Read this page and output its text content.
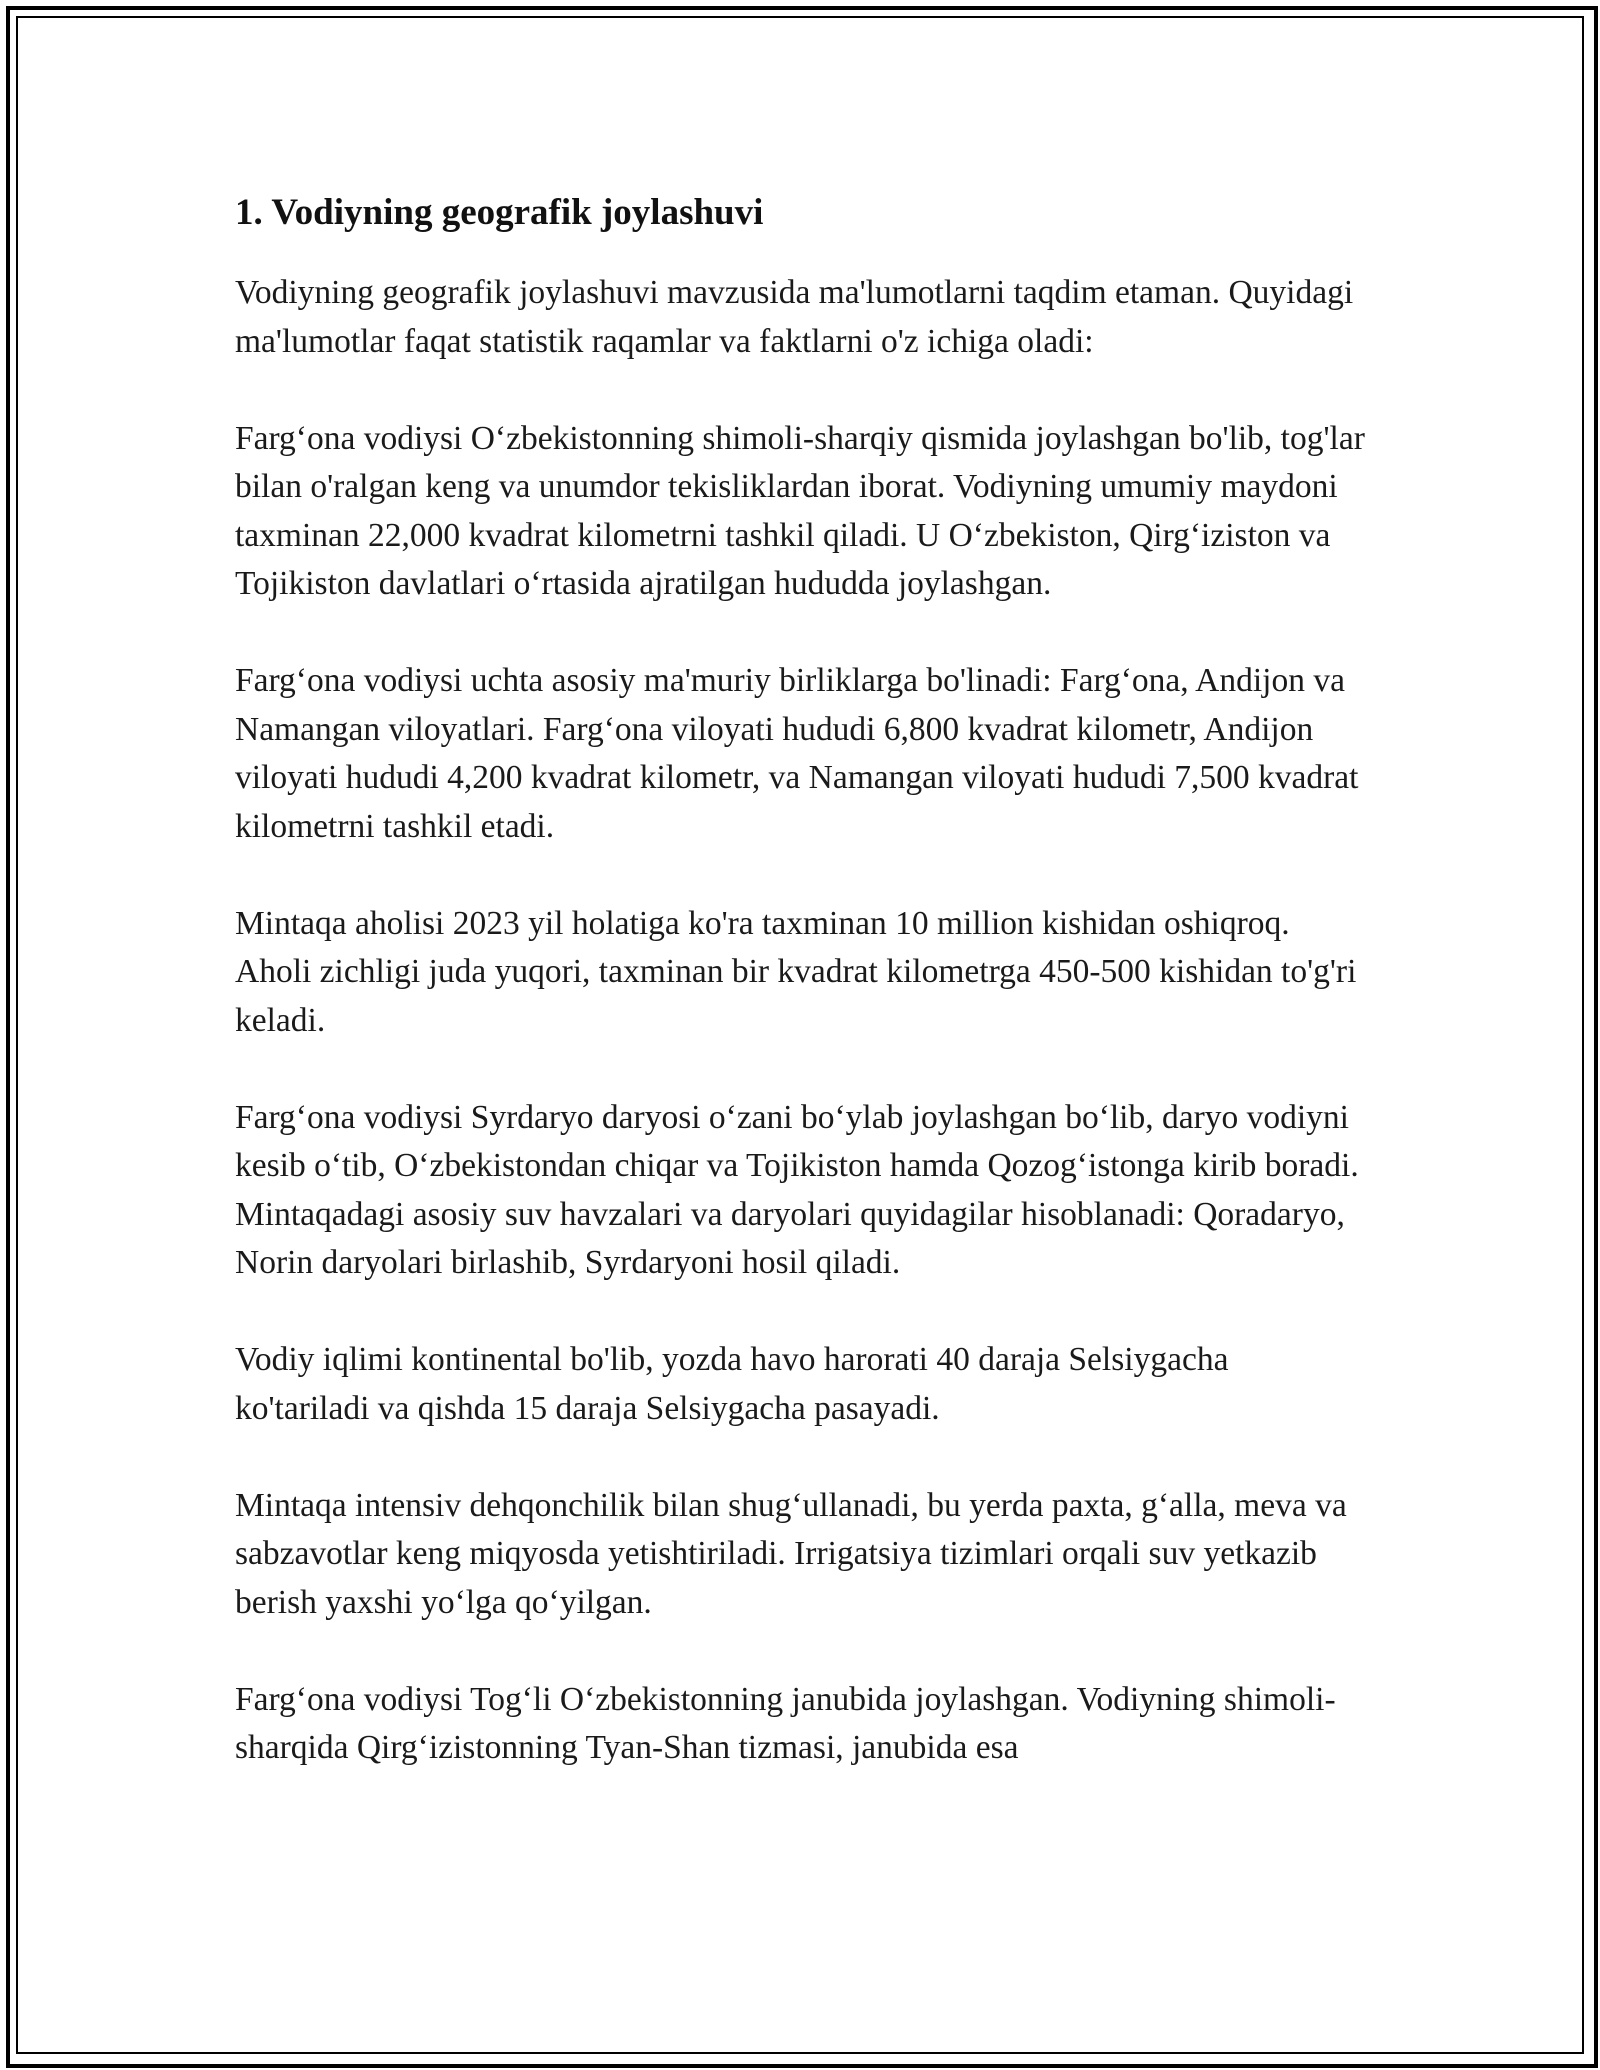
1. Vodiyning geografik joylashuvi

Vodiyning geografik joylashuvi mavzusida ma'lumotlarni taqdim etaman. Quyidagi ma'lumotlar faqat statistik raqamlar va faktlarni o'z ichiga oladi:

Farg‘ona vodiysi O‘zbekistonning shimoli-sharqiy qismida joylashgan bo'lib, tog'lar bilan o'ralgan keng va unumdor tekisliklardan iborat. Vodiyning umumiy maydoni taxminan 22,000 kvadrat kilometrni tashkil qiladi. U O‘zbekiston, Qirg‘iziston va Tojikiston davlatlari o‘rtasida ajratilgan hududda joylashgan.

Farg‘ona vodiysi uchta asosiy ma'muriy birliklarga bo'linadi: Farg‘ona, Andijon va Namangan viloyatlari. Farg‘ona viloyati hududi 6,800 kvadrat kilometr, Andijon viloyati hududi 4,200 kvadrat kilometr, va Namangan viloyati hududi 7,500 kvadrat kilometrni tashkil etadi.

Mintaqa aholisi 2023 yil holatiga ko'ra taxminan 10 million kishidan oshiqroq. Aholi zichligi juda yuqori, taxminan bir kvadrat kilometrga 450-500 kishidan to'g'ri keladi.

Farg‘ona vodiysi Syrdaryo daryosi o‘zani bo‘ylab joylashgan bo‘lib, daryo vodiyni kesib o‘tib, O‘zbekistondan chiqar va Tojikiston hamda Qozog‘istonga kirib boradi. Mintaqadagi asosiy suv havzalari va daryolari quyidagilar hisoblanadi: Qoradaryo, Norin daryolari birlashib, Syrdaryoni hosil qiladi.

Vodiy iqlimi kontinental bo'lib, yozda havo harorati 40 daraja Selsiygacha ko'tariladi va qishda 15 daraja Selsiygacha pasayadi.

Mintaqa intensiv dehqonchilik bilan shug‘ullanadi, bu yerda paxta, g‘alla, meva va sabzavotlar keng miqyosda yetishtiriladi. Irrigatsiya tizimlari orqali suv yetkazib berish yaxshi yo‘lga qo‘yilgan.

Farg‘ona vodiysi Tog‘li O‘zbekistonning janubida joylashgan. Vodiyning shimoli-sharqida Qirg‘izistonning Tyan-Shan tizmasi, janubida esa
